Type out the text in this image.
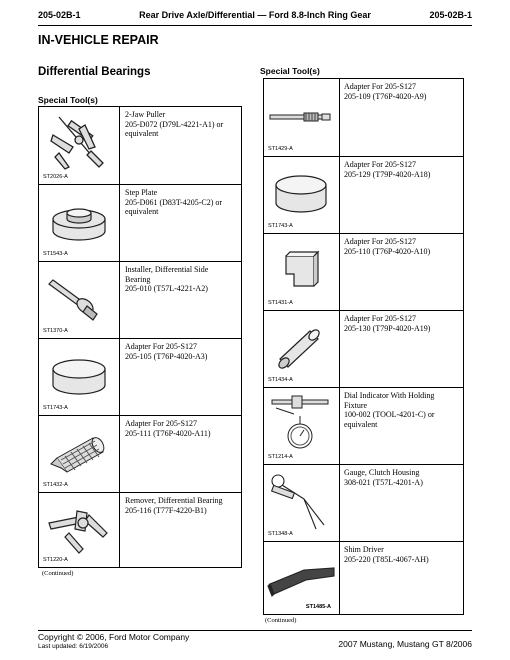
205-02B-1	Rear Drive Axle/Differential — Ford 8.8-Inch Ring Gear	205-02B-1
IN-VEHICLE REPAIR
Differential Bearings
Special Tool(s)
Special Tool(s)
ST2026-A
2-Jaw Puller
205-D072 (D79L-4221-A1) or
equivalent
ST1543-A
Step Plate
205-D061 (D83T-4205-C2) or
equivalent
ST1370-A
Installer, Differential Side
Bearing
205-010 (T57L-4221-A2)
ST1743-A
Adapter For 205-S127
205-105 (T76P-4020-A3)
ST1432-A
Adapter For 205-S127
205-111 (T76P-4020-A11)
ST1220-A
Remover, Differential Bearing
205-116 (T77F-4220-B1)
(Continued)
ST1429-A
Adapter For 205-S127
205-109 (T76P-4020-A9)
ST1743-A
Adapter For 205-S127
205-129 (T79P-4020-A18)
ST1431-A
Adapter For 205-S127
205-110 (T76P-4020-A10)
ST1434-A
Adapter For 205-S127
205-130 (T79P-4020-A19)
ST1214-A
Dial Indicator With Holding
Fixture
100-002 (TOOL-4201-C) or
equivalent
ST1348-A
Gauge, Clutch Housing
308-021 (T57L-4201-A)
ST1485-A
Shim Driver
205-220 (T85L-4067-AH)
(Continued)
Copyright © 2006, Ford Motor Company
Last updated: 6/19/2006	2007 Mustang, Mustang GT 8/2006
